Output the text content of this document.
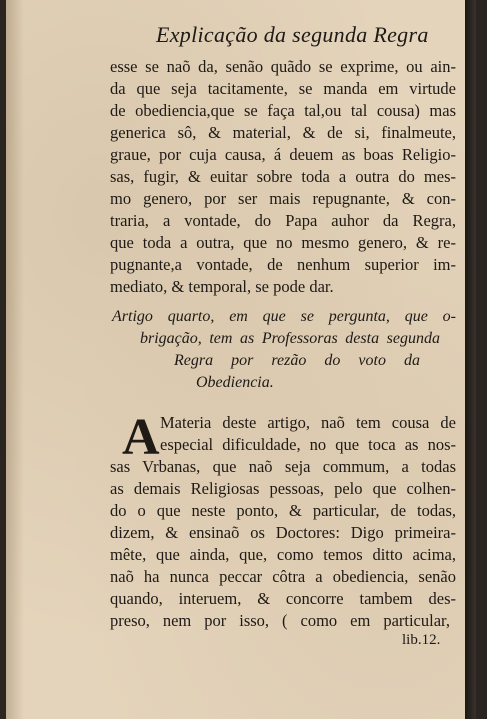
Explicação da segunda Regra
esse se naõ da, senão quãdo se exprime, ou ain-
da que seja tacitamente, se manda em virtude
de obediencia,que se faça tal,ou tal cousa) mas
generica sô, & material, & de si, finalmeute,
graue, por cuja causa, á deuem as boas Religio-
sas, fugir, & euitar sobre toda a outra do mes-
mo genero, por ser mais repugnante, & con-
traria, a vontade, do Papa auhor da Regra,
que toda a outra, que no mesmo genero, & re-
pugnante,a vontade, de nenhum superior im-
mediato, & temporal, se pode dar.
Artigo quarto, em que se pergunta, que o-
brigação, tem as Professoras desta segunda
Regra por rezão do voto da
Obediencia.
A Materia deste artigo, naõ tem cousa de
especial dificuldade, no que toca as nos-
sas Vrbanas, que naõ seja commum, a todas
as demais Religiosas pessoas, pelo que colhen-
do o que neste ponto, & particular, de todas,
dizem, & ensinaõ os Doctores: Digo primeira-
mête, que ainda, que, como temos ditto acima,
naõ ha nunca peccar côtra a obediencia, senão
quando, interuem, & concorre tambem des-
preso, nem por isso, ( como em particular,
lib.12.
